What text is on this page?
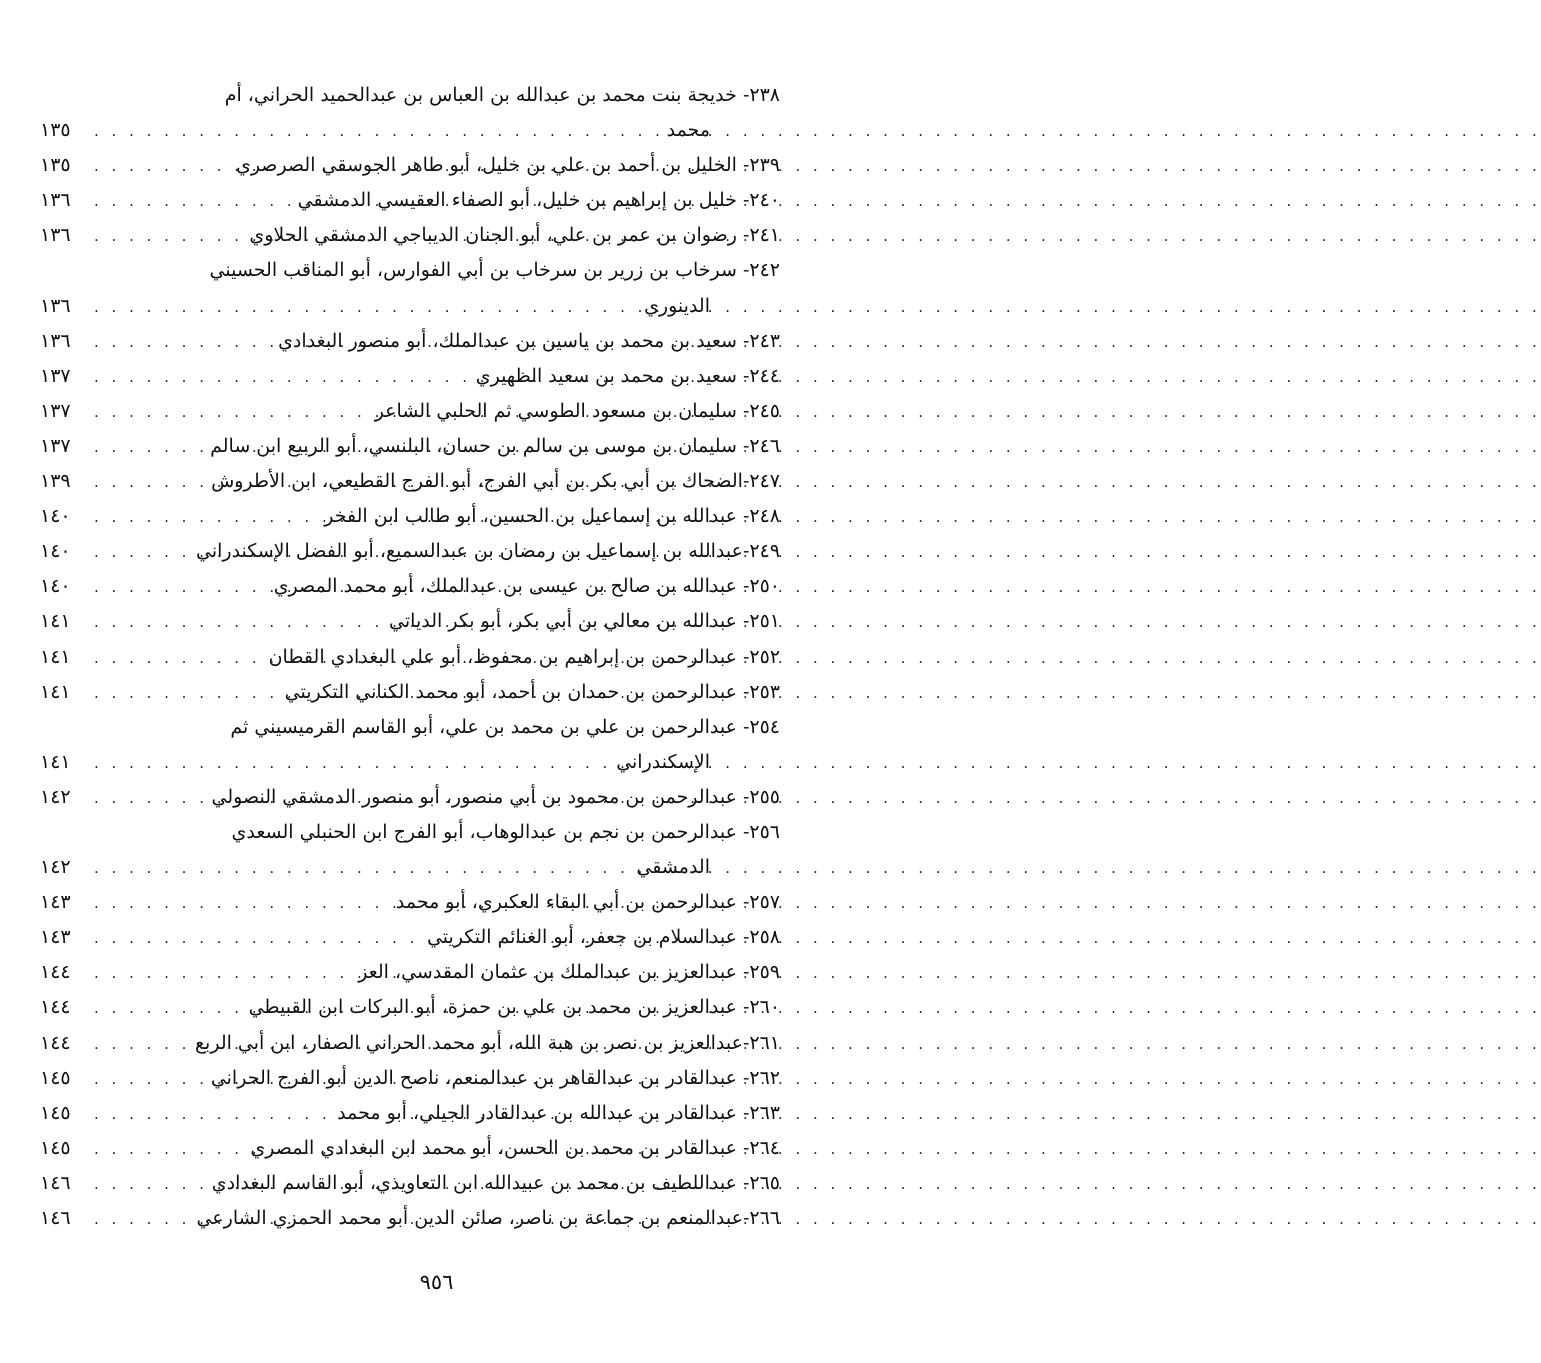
٢٣٨- خديجة بنت محمد بن عبدالله بن العباس بن عبدالحميد الحراني، أم
محمد
. . .
١٣٥
٢٣٩- الخليل بن أحمد بن علي بن خليل، أبو طاهر الجوسقي الصرصري
. . .
١٣٥
٢٤٠- خليل بن إبراهيم بن خليل، أبو الصفاء العقيسي الدمشقي
. . .
١٣٦
٢٤١- رضوان بن عمر بن علي، أبو الجنان الديباجي الدمشقي الحلاوي
. . .
١٣٦
٢٤٢- سرخاب بن زرير بن سرخاب بن أبي الفوارس، أبو المناقب الحسيني
الدينوري
. . .
١٣٦
٢٤٣- سعيد بن محمد بن ياسين بن عبدالملك، أبو منصور البغدادي
. . .
١٣٦
٢٤٤- سعيد بن محمد بن سعيد الظهيري
. . .
١٣٧
٢٤٥- سليمان بن مسعود الطوسي ثم الحلبي الشاعر
. . .
١٣٧
٢٤٦- سليمان بن موسى بن سالم بن حسان، البلنسي، أبو الربيع ابن سالم
. . .
١٣٧
٢٤٧-الضحاك بن أبي بكر بن أبي الفرج، أبو الفرج القطيعي، ابن الأطروش
. . .
١٣٩
٢٤٨- عبدالله بن إسماعيل بن الحسين، أبو طالب ابن الفخر
. . .
١٤٠
٢٤٩-عبدالله بن إسماعيل بن رمضان بن عبدالسميع، أبو الفضل الإسكندراني
. . .
١٤٠
٢٥٠- عبدالله بن صالح بن عيسى بن عبدالملك، أبو محمد المصري
. . .
١٤٠
٢٥١- عبدالله بن معالي بن أبي بكر، أبو بكر الدياتي
. . .
١٤١
٢٥٢- عبدالرحمن بن إبراهيم بن محفوظ، أبو علي البغدادي القطان
. . .
١٤١
٢٥٣- عبدالرحمن بن حمدان بن أحمد، أبو محمد الكناني التكريتي
. . .
١٤١
٢٥٤- عبدالرحمن بن علي بن محمد بن علي، أبو القاسم القرميسيني ثم
الإسكندراني
. . .
١٤١
٢٥٥- عبدالرحمن بن محمود بن أبي منصور، أبو منصور الدمشقي النصولي
. . .
١٤٢
٢٥٦- عبدالرحمن بن نجم بن عبدالوهاب، أبو الفرج ابن الحنبلي السعدي
الدمشقي
. . .
١٤٢
٢٥٧- عبدالرحمن بن أبي البقاء العكبري، أبو محمد
. . .
١٤٣
٢٥٨- عبدالسلام بن جعفر، أبو الغنائم التكريتي
. . .
١٤٣
٢٥٩- عبدالعزيز بن عبدالملك بن عثمان المقدسي، العز
. . .
١٤٤
٢٦٠- عبدالعزيز بن محمد بن علي بن حمزة، أبو البركات ابن القبيطي
. . .
١٤٤
٢٦١-عبدالعزيز بن نصر بن هبة الله، أبو محمد الحراني الصفار، ابن أبي الربع
. . .
١٤٤
٢٦٢- عبدالقادر بن عبدالقاهر بن عبدالمنعم، ناصح الدين أبو الفرج الحراني
. . .
١٤٥
٢٦٣- عبدالقادر بن عبدالله بن عبدالقادر الجيلي، أبو محمد
. . .
١٤٥
٢٦٤- عبدالقادر بن محمد بن الحسن، أبو محمد ابن البغدادي المصري
. . .
١٤٥
٢٦٥- عبداللطيف بن محمد بن عبيدالله ابن التعاويذي، أبو القاسم البغدادي
. . .
١٤٦
٢٦٦-عبدالمنعم بن جماعة بن ناصر، صائن الدين أبو محمد الحمزي الشارعي
. . .
١٤٦
٩٥٦
